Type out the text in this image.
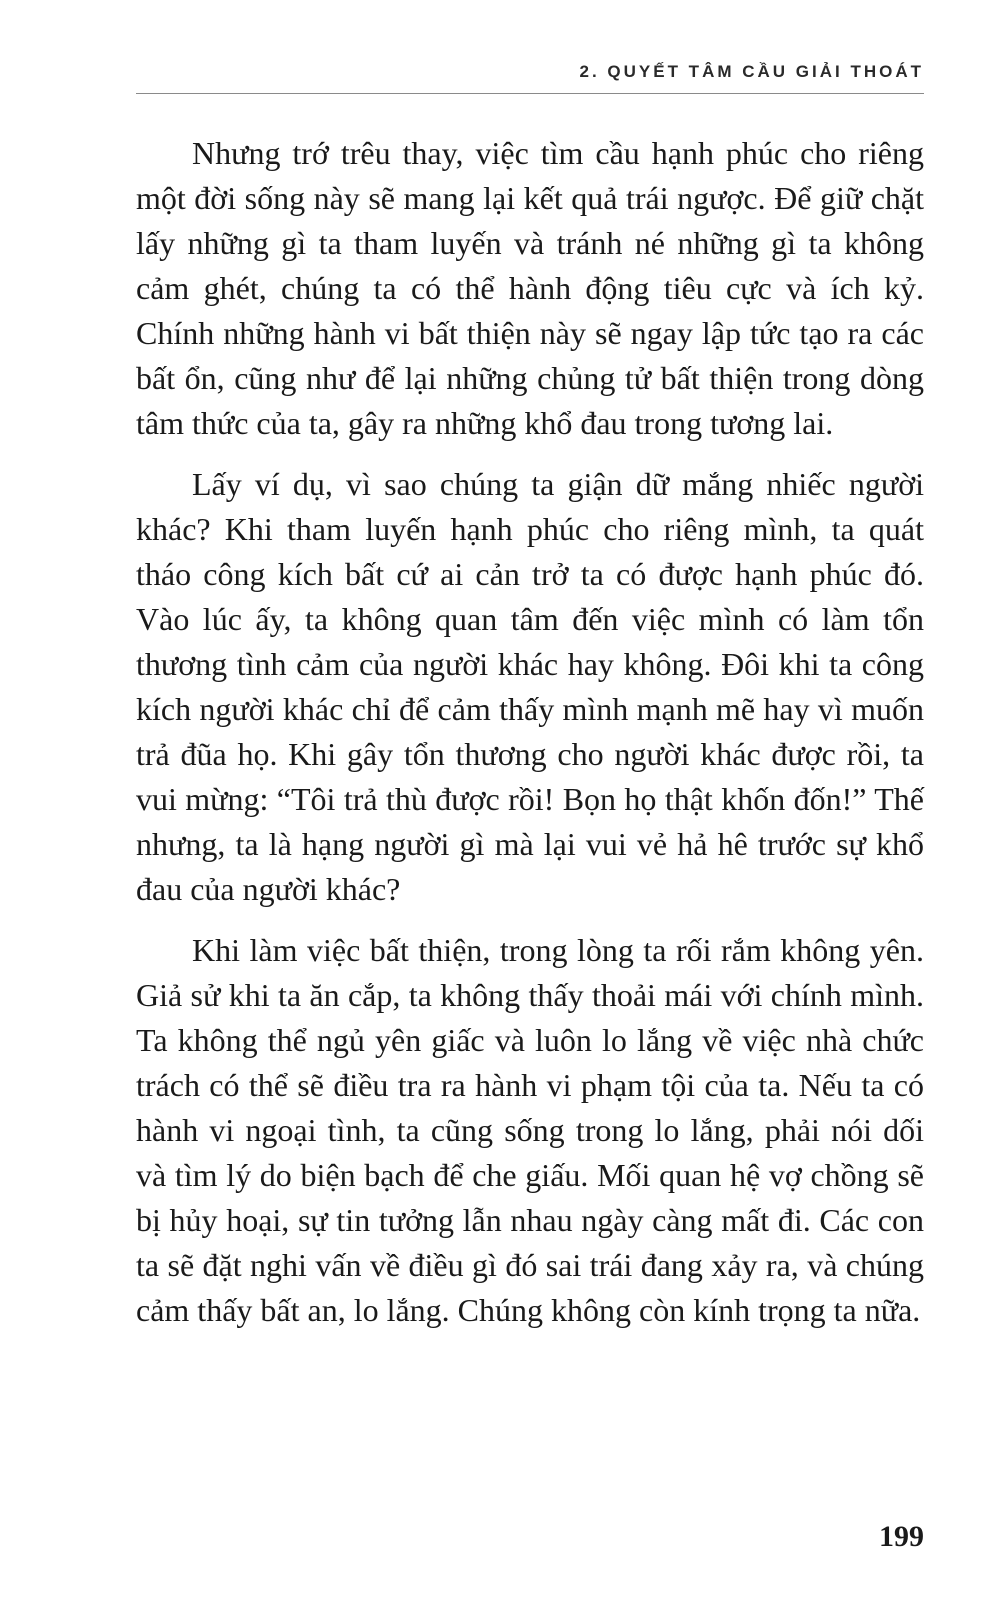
2. QUYẾT TÂM CẦU GIẢI THOÁT

Nhưng trớ trêu thay, việc tìm cầu hạnh phúc cho riêng một đời sống này sẽ mang lại kết quả trái ngược. Để giữ chặt lấy những gì ta tham luyến và tránh né những gì ta không cảm ghét, chúng ta có thể hành động tiêu cực và ích kỷ. Chính những hành vi bất thiện này sẽ ngay lập tức tạo ra các bất ổn, cũng như để lại những chủng tử bất thiện trong dòng tâm thức của ta, gây ra những khổ đau trong tương lai.

Lấy ví dụ, vì sao chúng ta giận dữ mắng nhiếc người khác? Khi tham luyến hạnh phúc cho riêng mình, ta quát tháo công kích bất cứ ai cản trở ta có được hạnh phúc đó. Vào lúc ấy, ta không quan tâm đến việc mình có làm tổn thương tình cảm của người khác hay không. Đôi khi ta công kích người khác chỉ để cảm thấy mình mạnh mẽ hay vì muốn trả đũa họ. Khi gây tổn thương cho người khác được rồi, ta vui mừng: “Tôi trả thù được rồi! Bọn họ thật khốn đốn!” Thế nhưng, ta là hạng người gì mà lại vui vẻ hả hê trước sự khổ đau của người khác?

Khi làm việc bất thiện, trong lòng ta rối rắm không yên. Giả sử khi ta ăn cắp, ta không thấy thoải mái với chính mình. Ta không thể ngủ yên giấc và luôn lo lắng về việc nhà chức trách có thể sẽ điều tra ra hành vi phạm tội của ta. Nếu ta có hành vi ngoại tình, ta cũng sống trong lo lắng, phải nói dối và tìm lý do biện bạch để che giấu. Mối quan hệ vợ chồng sẽ bị hủy hoại, sự tin tưởng lẫn nhau ngày càng mất đi. Các con ta sẽ đặt nghi vấn về điều gì đó sai trái đang xảy ra, và chúng cảm thấy bất an, lo lắng. Chúng không còn kính trọng ta nữa.

199
